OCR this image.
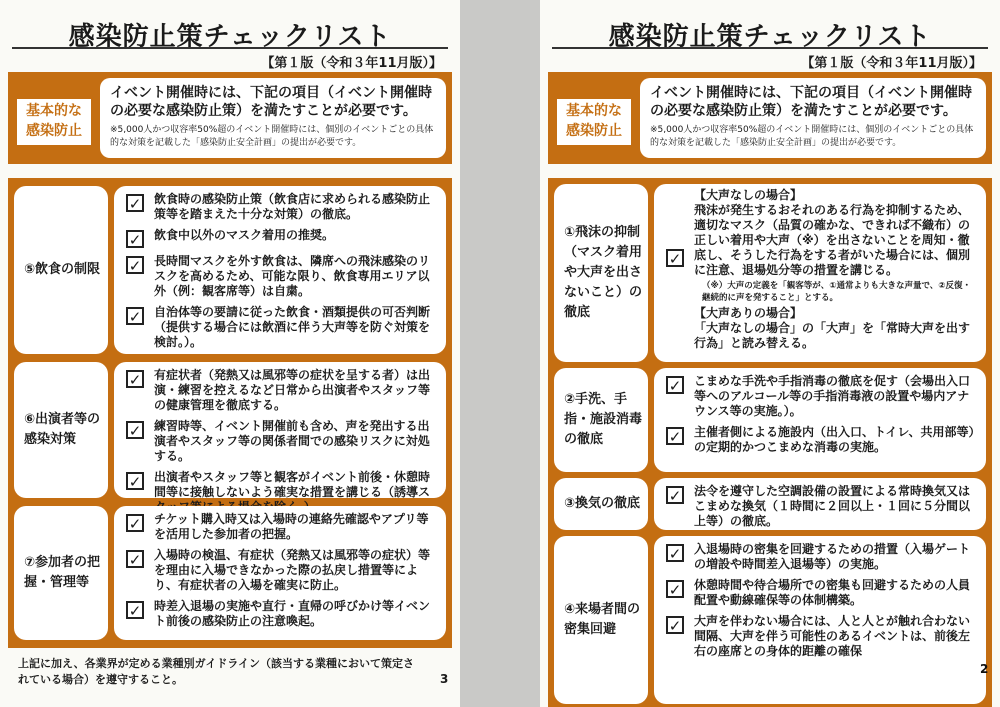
感染防止策チェックリスト
【第１版（令和３年11月版）】
基本的な
感染防止
イベント開催時には、下記の項目（イベント開催時の必要な感染防止策）を満たすことが必要です。
※5,000人かつ収容率50%超のイベント開催時には、個別のイベントごとの具体的な対策を記載した「感染防止安全計画」の提出が必要です。
⑤飲食の制限
✓ 飲食時の感染防止策（飲食店に求められる感染防止策等を踏まえた十分な対策）の徹底。
✓ 飲食中以外のマスク着用の推奨。
✓ 長時間マスクを外す飲食は、隣席への飛沫感染のリスクを高めるため、可能な限り、飲食専用エリア以外（例：観客席等）は自粛。
✓ 自治体等の要請に従った飲食・酒類提供の可否判断（提供する場合には飲酒に伴う大声等を防ぐ対策を検討。）。
⑥出演者等の感染対策
✓ 有症状者（発熱又は風邪等の症状を呈する者）は出演・練習を控えるなど日常から出演者やスタッフ等の健康管理を徹底する。
✓ 練習時等、イベント開催前も含め、声を発出する出演者やスタッフ等の関係者間での感染リスクに対処する。
✓ 出演者やスタッフ等と観客がイベント前後・休憩時間等に接触しないよう確実な措置を講じる（誘導ス
⑦参加者の把握・管理等
✓ チケット購入時又は入場時の連絡先確認やアプリ等を活用した参加者の把握。
✓ 入場時の検温、有症状（発熱又は風邪等の症状）等を理由に入場できなかった際の払戻し措置等により、有症状者の入場を確実に防止。
✓ 時差入退場の実施や直行・直帰の呼びかけ等イベント前後の感染防止の注意喚起。
上記に加え、各業界が定める業種別ガイドライン（該当する業種において策定されている場合）を遵守すること。	3
感染防止策チェックリスト
【第１版（令和３年11月版）】
基本的な
感染防止
イベント開催時には、下記の項目（イベント開催時の必要な感染防止策）を満たすことが必要です。
※5,000人かつ収容率50%超のイベント開催時には、個別のイベントごとの具体的な対策を記載した「感染防止安全計画」の提出が必要です。
①飛沫の抑制（マスク着用や大声を出さないこと）の徹底
【大声なしの場合】
✓
飛沫が発生するおそれのある行為を抑制するため、適切なマスク（品質の確かな、できれば不織布）の正しい着用や大声（※）を出さないことを周知・徹底し、そうした行為をする者がいた場合には、個別に注意、退場処分等の措置を講じる。
（※）大声の定義を「観客等が、①通常よりも大きな声量で、②反復・継続的に声を発すること」とする。
【大声ありの場合】
「大声なしの場合」の「大声」を「常時大声を出す行為」と読み替える。
②手洗、手指・施設消毒の徹底
✓ こまめな手洗や手指消毒の徹底を促す（会場出入口等へのアルコール等の手指消毒液の設置や場内アナウンス等の実施。）。
✓ 主催者側による施設内（出入口、トイレ、共用部等）の定期的かつこまめな消毒の実施。
③換気の徹底	✓ 法令を遵守した空調設備の設置による常時換気又はこまめな換気（１時間に２回以上・１回に５分間以上等）の徹底。
④来場者間の密集回避
✓ 入退場時の密集を回避するための措置（入場ゲートの増設や時間差入退場等）の実施。
✓ 休憩時間や待合場所での密集も回避するための人員配置や動線確保等の体制構築。
✓ 大声を伴わない場合には、人と人とが触れ合わない間隔、大声を伴う可能性のあるイベントは、前後左右の座席との身体的距離の確保
2
